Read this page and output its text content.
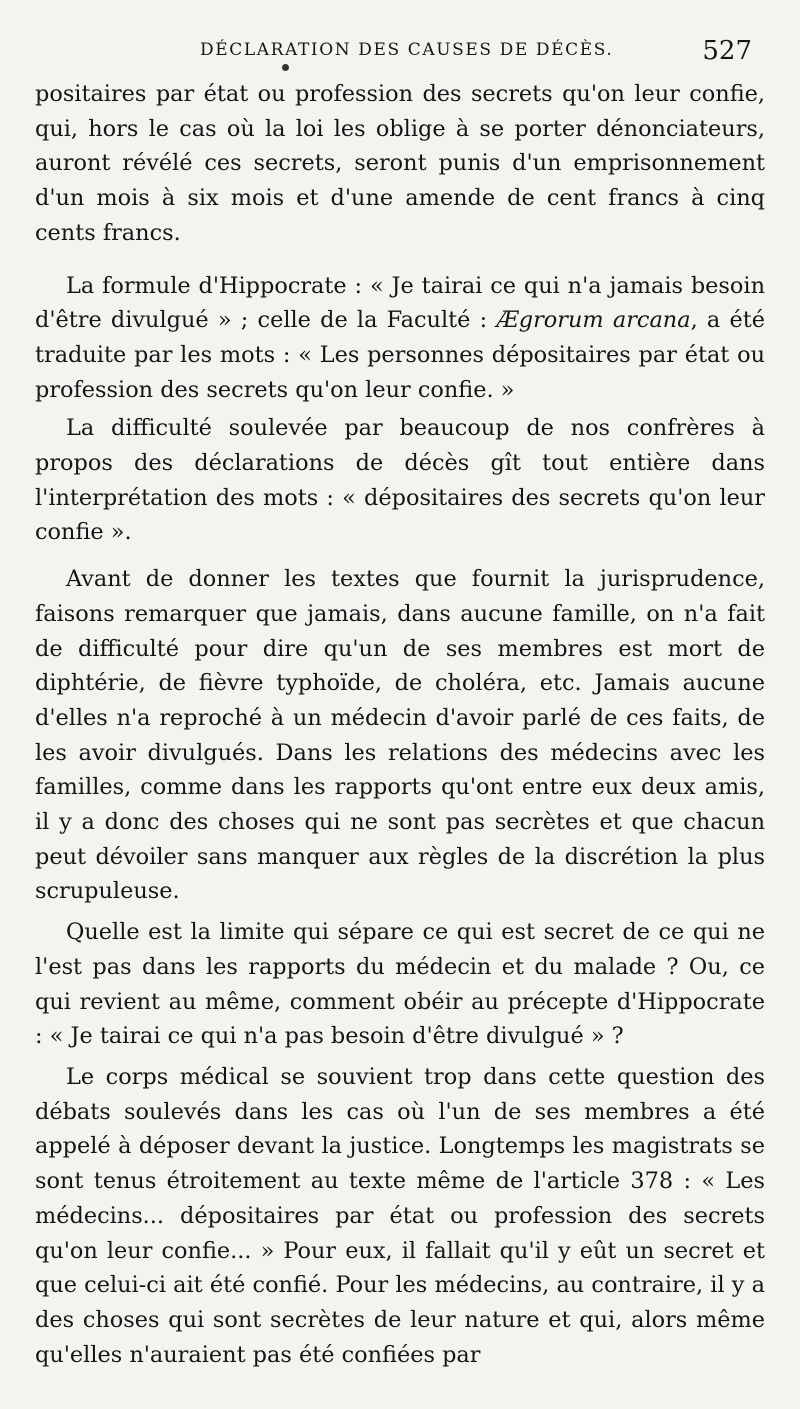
DÉCLARATION DES CAUSES DE DÉCÈS.	527

positaires par état ou profession des secrets qu'on leur confie, qui, hors le cas où la loi les oblige à se porter dénonciateurs, auront révélé ces secrets, seront punis d'un emprisonnement d'un mois à six mois et d'une amende de cent francs à cinq cents francs.

La formule d'Hippocrate : « Je tairai ce qui n'a jamais besoin d'être divulgué » ; celle de la Faculté : Ægrorum arcana, a été traduite par les mots : « Les personnes dépositaires par état ou profession des secrets qu'on leur confie. »

La difficulté soulevée par beaucoup de nos confrères à propos des déclarations de décès gît tout entière dans l'interprétation des mots : « dépositaires des secrets qu'on leur confie ».

Avant de donner les textes que fournit la jurisprudence, faisons remarquer que jamais, dans aucune famille, on n'a fait de difficulté pour dire qu'un de ses membres est mort de diphtérie, de fièvre typhoïde, de choléra, etc. Jamais aucune d'elles n'a reproché à un médecin d'avoir parlé de ces faits, de les avoir divulgués. Dans les relations des médecins avec les familles, comme dans les rapports qu'ont entre eux deux amis, il y a donc des choses qui ne sont pas secrètes et que chacun peut dévoiler sans manquer aux règles de la discrétion la plus scrupuleuse.

Quelle est la limite qui sépare ce qui est secret de ce qui ne l'est pas dans les rapports du médecin et du malade ? Ou, ce qui revient au même, comment obéir au précepte d'Hippocrate : « Je tairai ce qui n'a pas besoin d'être divulgué » ?

Le corps médical se souvient trop dans cette question des débats soulevés dans les cas où l'un de ses membres a été appelé à déposer devant la justice. Longtemps les magistrats se sont tenus étroitement au texte même de l'article 378 : « Les médecins... dépositaires par état ou profession des secrets qu'on leur confie... » Pour eux, il fallait qu'il y eût un secret et que celui-ci ait été confié. Pour les médecins, au contraire, il y a des choses qui sont secrètes de leur nature et qui, alors même qu'elles n'auraient pas été confiées par
